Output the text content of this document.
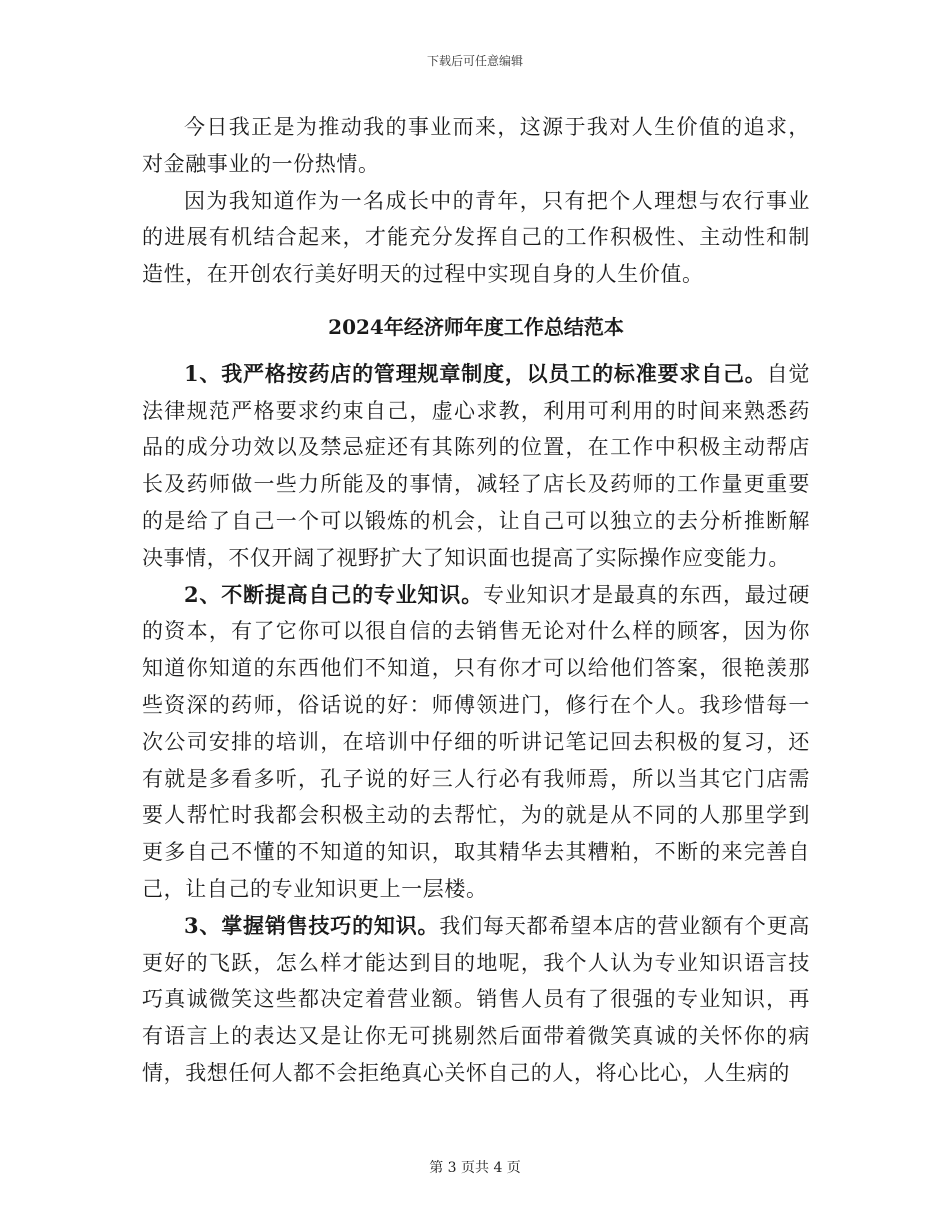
下载后可任意编辑

今日我正是为推动我的事业而来，这源于我对人生价值的追求，对金融事业的一份热情。

因为我知道作为一名成长中的青年，只有把个人理想与农行事业的进展有机结合起来，才能充分发挥自己的工作积极性、主动性和制造性，在开创农行美好明天的过程中实现自身的人生价值。

2024年经济师年度工作总结范本

1、我严格按药店的管理规章制度，以员工的标准要求自己。自觉法律规范严格要求约束自己，虚心求教，利用可利用的时间来熟悉药品的成分功效以及禁忌症还有其陈列的位置，在工作中积极主动帮店长及药师做一些力所能及的事情，减轻了店长及药师的工作量更重要的是给了自己一个可以锻炼的机会，让自己可以独立的去分析推断解决事情，不仅开阔了视野扩大了知识面也提高了实际操作应变能力。

2、不断提高自己的专业知识。专业知识才是最真的东西，最过硬的资本，有了它你可以很自信的去销售无论对什么样的顾客，因为你知道你知道的东西他们不知道，只有你才可以给他们答案，很艳羡那些资深的药师，俗话说的好：师傅领进门，修行在个人。我珍惜每一次公司安排的培训，在培训中仔细的听讲记笔记回去积极的复习，还有就是多看多听，孔子说的好三人行必有我师焉，所以当其它门店需要人帮忙时我都会积极主动的去帮忙，为的就是从不同的人那里学到更多自己不懂的不知道的知识，取其精华去其糟粕，不断的来完善自己，让自己的专业知识更上一层楼。

3、掌握销售技巧的知识。我们每天都希望本店的营业额有个更高更好的飞跃，怎么样才能达到目的地呢，我个人认为专业知识语言技巧真诚微笑这些都决定着营业额。销售人员有了很强的专业知识，再有语言上的表达又是让你无可挑剔然后面带着微笑真诚的关怀你的病情，我想任何人都不会拒绝真心关怀自己的人，将心比心，人生病的

第 3 页共 4 页
